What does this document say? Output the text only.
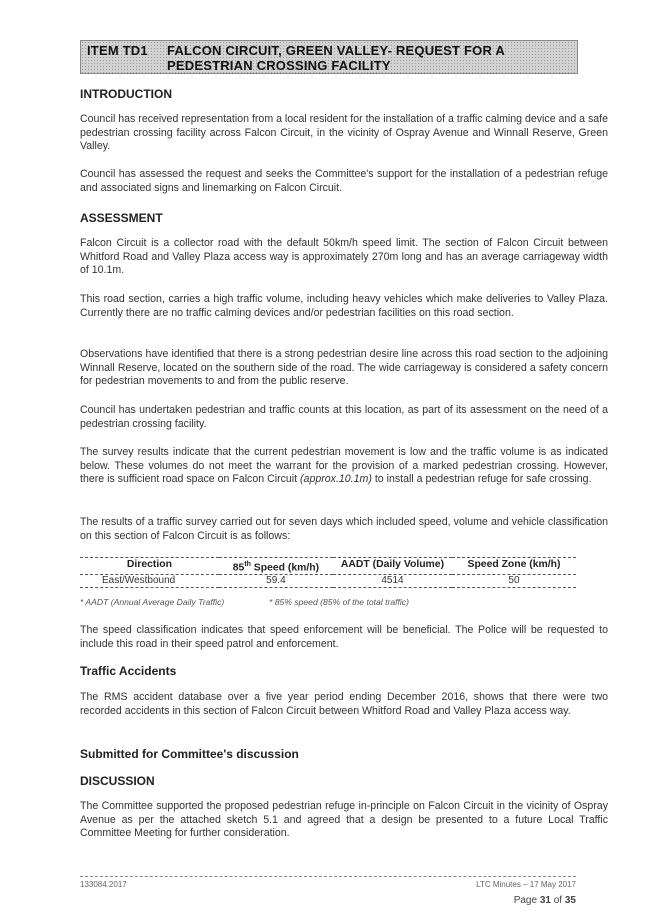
ITEM TD1 FALCON CIRCUIT, GREEN VALLEY- REQUEST FOR A
PEDESTRIAN CROSSING FACILITY
INTRODUCTION

Council has received representation from a local resident for the installation of a traffic calming device and a safe pedestrian crossing facility across Falcon Circuit, in the vicinity of Ospray Avenue and Winnall Reserve, Green Valley.

Council has assessed the request and seeks the Committee's support for the installation of a pedestrian refuge and associated signs and linemarking on Falcon Circuit.

ASSESSMENT

Falcon Circuit is a collector road with the default 50km/h speed limit. The section of Falcon Circuit between Whitford Road and Valley Plaza access way is approximately 270m long and has an average carriageway width of 10.1m.

This road section, carries a high traffic volume, including heavy vehicles which make deliveries to Valley Plaza. Currently there are no traffic calming devices and/or pedestrian facilities on this road section.

Observations have identified that there is a strong pedestrian desire line across this road section to the adjoining Winnall Reserve, located on the southern side of the road. The wide carriageway is considered a safety concern for pedestrian movements to and from the public reserve.

Council has undertaken pedestrian and traffic counts at this location, as part of its assessment on the need of a pedestrian crossing facility.

The survey results indicate that the current pedestrian movement is low and the traffic volume is as indicated below. These volumes do not meet the warrant for the provision of a marked pedestrian crossing. However, there is sufficient road space on Falcon Circuit (approx.10.1m) to install a pedestrian refuge for safe crossing.

The results of a traffic survey carried out for seven days which included speed, volume and vehicle classification on this section of Falcon Circuit is as follows:

Direction	85th Speed (km/h)	AADT (Daily Volume)	Speed Zone (km/h)
East/Westbound	59.4	4514	50

* AADT (Annual Average Daily Traffic)	* 85% speed (85% of the total traffic)

The speed classification indicates that speed enforcement will be beneficial. The Police will be requested to include this road in their speed patrol and enforcement.

Traffic Accidents

The RMS accident database over a five year period ending December 2016, shows that there were two recorded accidents in this section of Falcon Circuit between Whitford Road and Valley Plaza access way.

Submitted for Committee's discussion
DISCUSSION

The Committee supported the proposed pedestrian refuge in-principle on Falcon Circuit in the vicinity of Ospray Avenue as per the attached sketch 5.1 and agreed that a design be presented to a future Local Traffic Committee Meeting for further consideration.

133084.2017	LTC Minutes – 17 May 2017
Page 31 of 35
